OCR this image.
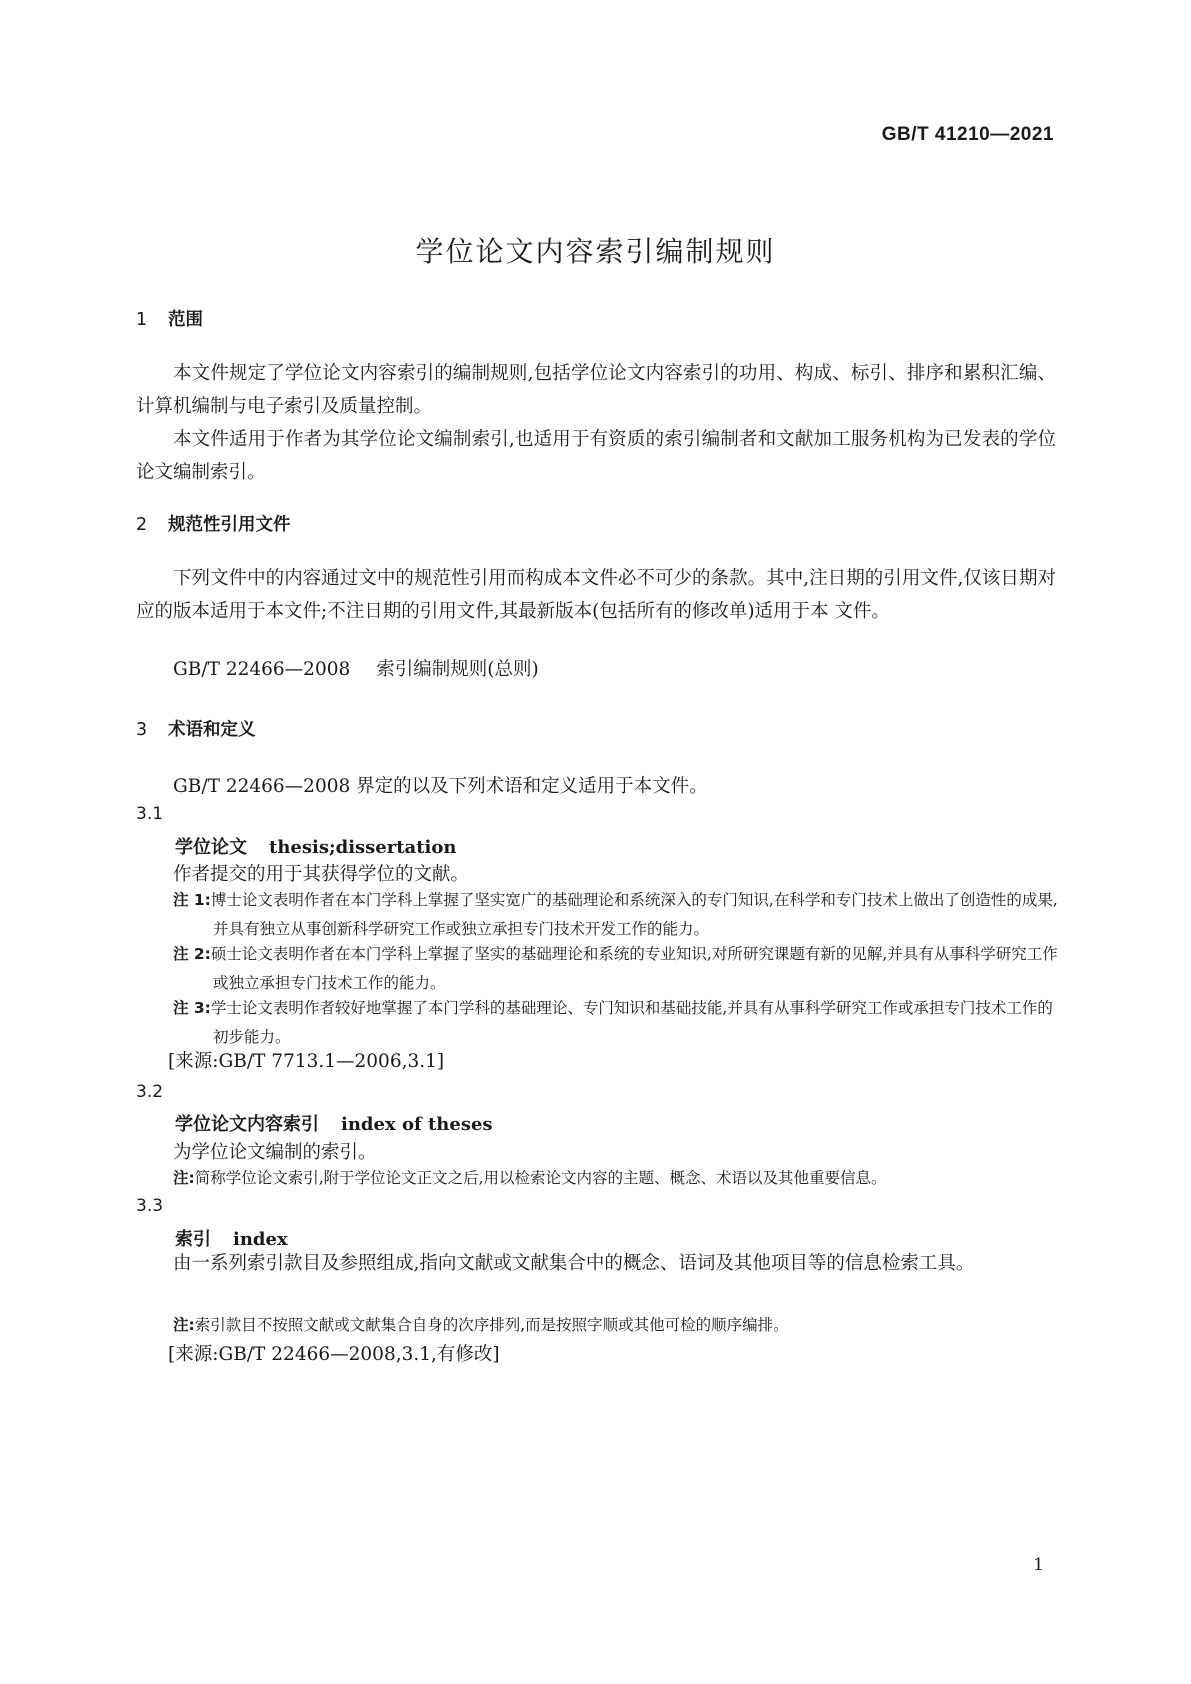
GB/T 41210—2021
学位论文内容索引编制规则
1 范围
本文件规定了学位论文内容索引的编制规则,包括学位论文内容索引的功用、构成、标引、排序和累积汇编、计算机编制与电子索引及质量控制。
本文件适用于作者为其学位论文编制索引,也适用于有资质的索引编制者和文献加工服务机构为已发表的学位论文编制索引。
2 规范性引用文件
下列文件中的内容通过文中的规范性引用而构成本文件必不可少的条款。其中,注日期的引用文件,仅该日期对应的版本适用于本文件;不注日期的引用文件,其最新版本(包括所有的修改单)适用于本 文件。
GB/T 22466—2008 索引编制规则(总则)
3 术语和定义
GB/T 22466—2008 界定的以及下列术语和定义适用于本文件。
3.1
学位论文 thesis;dissertation
作者提交的用于其获得学位的文献。
注 1:博士论文表明作者在本门学科上掌握了坚实宽广的基础理论和系统深入的专门知识,在科学和专门技术上做出了创造性的成果,并具有独立从事创新科学研究工作或独立承担专门技术开发工作的能力。
注 2:硕士论文表明作者在本门学科上掌握了坚实的基础理论和系统的专业知识,对所研究课题有新的见解,并具有从事科学研究工作或独立承担专门技术工作的能力。
注 3:学士论文表明作者较好地掌握了本门学科的基础理论、专门知识和基础技能,并具有从事科学研究工作或承担专门技术工作的初步能力。
[来源:GB/T 7713.1—2006,3.1]
3.2
学位论文内容索引 index of theses
为学位论文编制的索引。
注:简称学位论文索引,附于学位论文正文之后,用以检索论文内容的主题、概念、术语以及其他重要信息。
3.3
索引 index
由一系列索引款目及参照组成,指向文献或文献集合中的概念、语词及其他项目等的信息检索工具。
注:索引款目不按照文献或文献集合自身的次序排列,而是按照字顺或其他可检的顺序编排。
[来源:GB/T 22466—2008,3.1,有修改]
1
